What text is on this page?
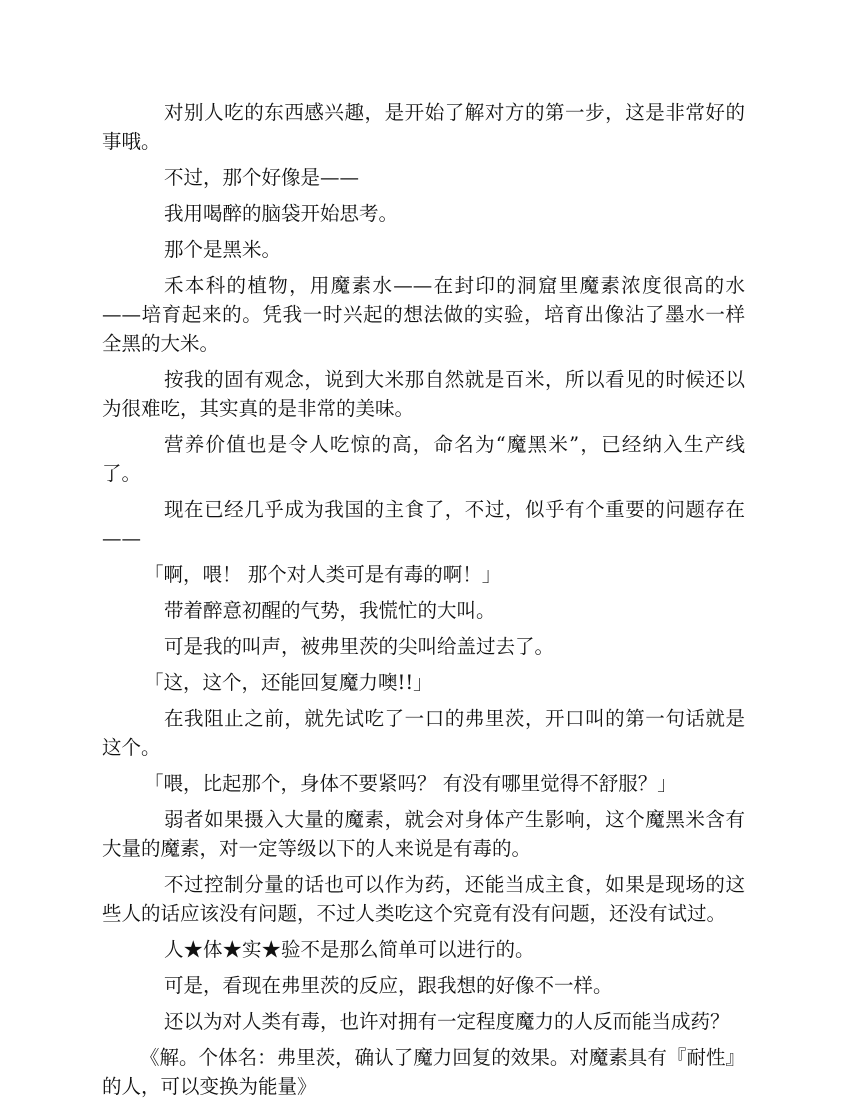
对别人吃的东西感兴趣，是开始了解对方的第一步，这是非常好的事哦。

不过，那个好像是——

我用喝醉的脑袋开始思考。

那个是黑米。

禾本科的植物，用魔素水——在封印的洞窟里魔素浓度很高的水——培育起来的。凭我一时兴起的想法做的实验，培育出像沾了墨水一样全黑的大米。

按我的固有观念，说到大米那自然就是百米，所以看见的时候还以为很难吃，其实真的是非常的美味。

营养价值也是令人吃惊的高，命名为“魔黑米”，已经纳入生产线了。

现在已经几乎成为我国的主食了，不过，似乎有个重要的问题存在——

「啊，喂！ 那个对人类可是有毒的啊！」

带着醉意初醒的气势，我慌忙的大叫。

可是我的叫声，被弗里茨的尖叫给盖过去了。

「这，这个，还能回复魔力噢!!」

在我阻止之前，就先试吃了一口的弗里茨，开口叫的第一句话就是这个。

「喂，比起那个，身体不要紧吗？ 有没有哪里觉得不舒服？」

弱者如果摄入大量的魔素，就会对身体产生影响，这个魔黑米含有大量的魔素，对一定等级以下的人来说是有毒的。

不过控制分量的话也可以作为药，还能当成主食，如果是现场的这些人的话应该没有问题，不过人类吃这个究竟有没有问题，还没有试过。

人★体★实★验不是那么简单可以进行的。

可是，看现在弗里茨的反应，跟我想的好像不一样。

还以为对人类有毒，也许对拥有一定程度魔力的人反而能当成药？

《解。个体名：弗里茨，确认了魔力回复的效果。对魔素具有『耐性』的人，可以变换为能量》
